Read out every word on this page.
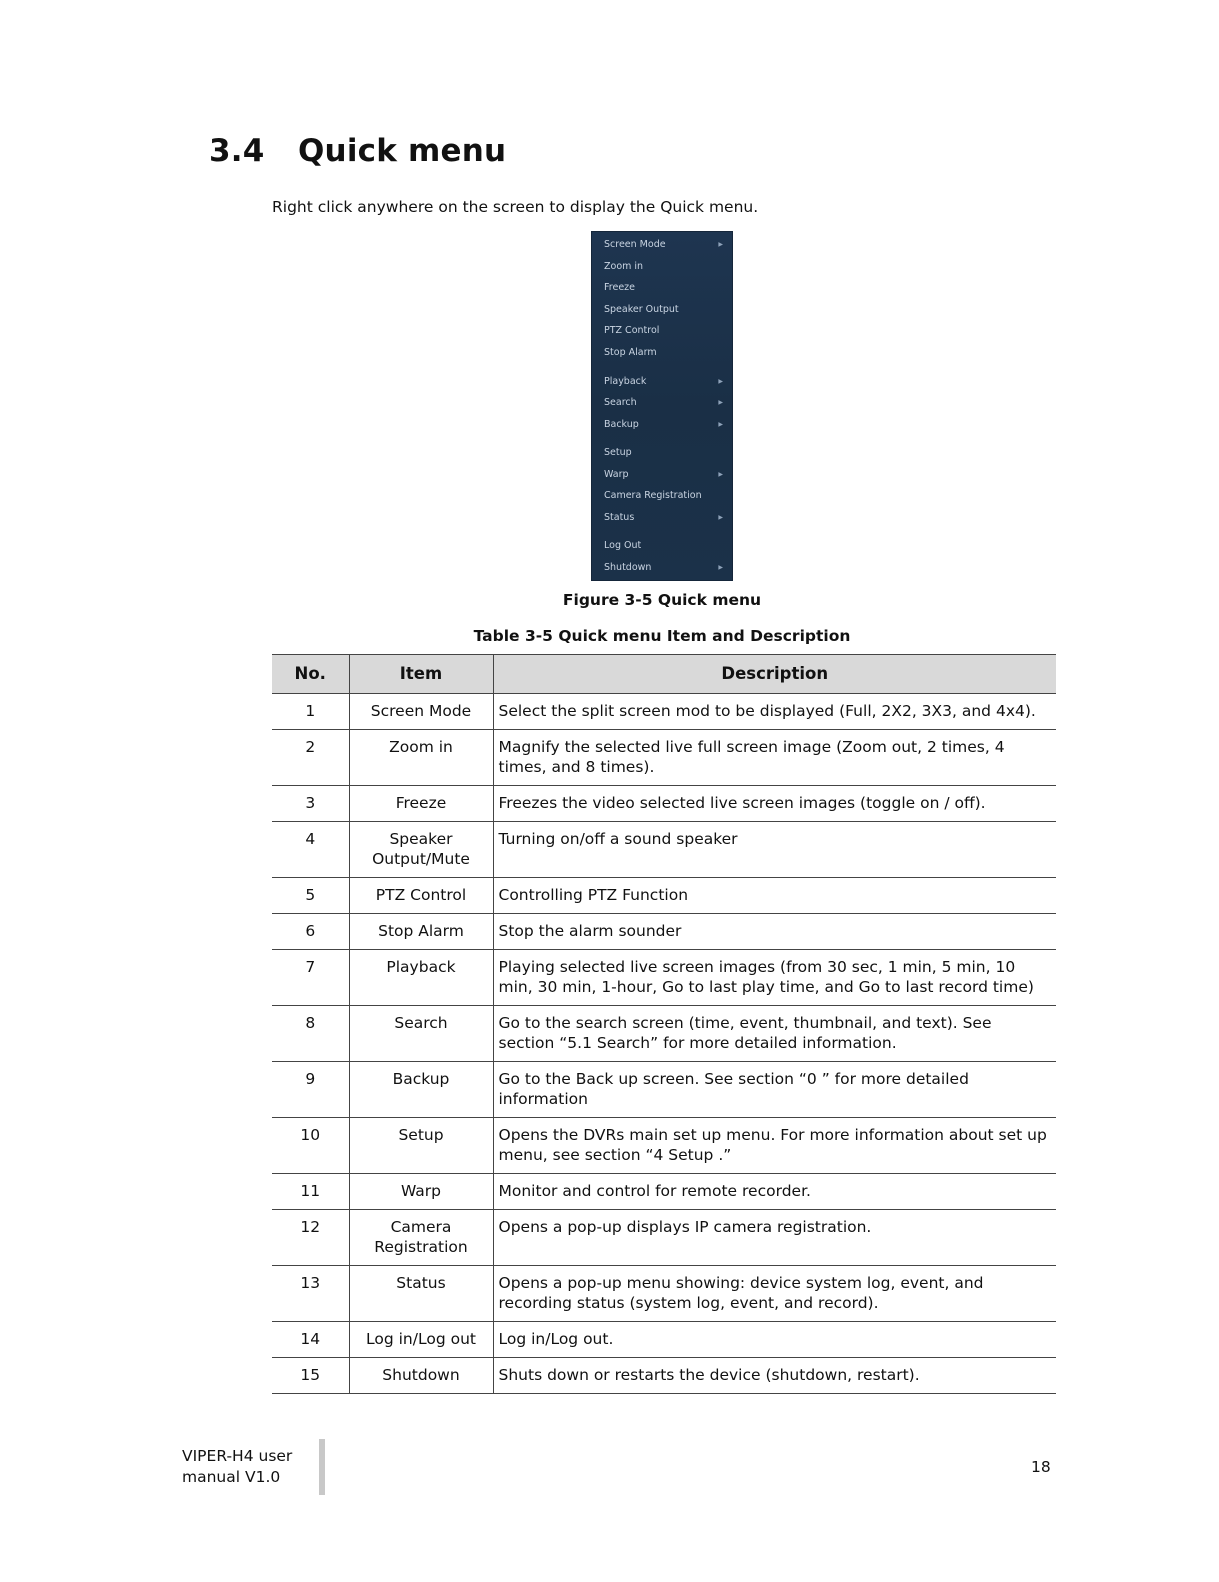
3.4 Quick menu

Right click anywhere on the screen to display the Quick menu.

Screen Mode	▶
Zoom in
Freeze
Speaker Output
PTZ Control
Stop Alarm
Playback	▶
Search	▶
Backup	▶
Setup
Warp	▶
Camera Registration
Status	▶
Log Out
Shutdown	▶

Figure 3-5 Quick menu

Table 3-5 Quick menu Item and Description

No.	Item	Description
1	Screen Mode	Select the split screen mod to be displayed (Full, 2X2, 3X3, and 4x4).
2	Zoom in	Magnify the selected live full screen image (Zoom out, 2 times, 4 times, and 8 times).
3	Freeze	Freezes the video selected live screen images (toggle on / off).
4	Speaker Output/Mute	Turning on/off a sound speaker
5	PTZ Control	Controlling PTZ Function
6	Stop Alarm	Stop the alarm sounder
7	Playback	Playing selected live screen images (from 30 sec, 1 min, 5 min, 10 min, 30 min, 1-hour, Go to last play time, and Go to last record time)
8	Search	Go to the search screen (time, event, thumbnail, and text). See section “5.1 Search” for more detailed information.
9	Backup	Go to the Back up screen. See section “0 ” for more detailed information
10	Setup	Opens the DVRs main set up menu. For more information about set up menu, see section “4 Setup .”
11	Warp	Monitor and control for remote recorder.
12	Camera Registration	Opens a pop-up displays IP camera registration.
13	Status	Opens a pop-up menu showing: device system log, event, and recording status (system log, event, and record).
14	Log in/Log out	Log in/Log out.
15	Shutdown	Shuts down or restarts the device (shutdown, restart).

VIPER-H4 user
manual V1.0

18
